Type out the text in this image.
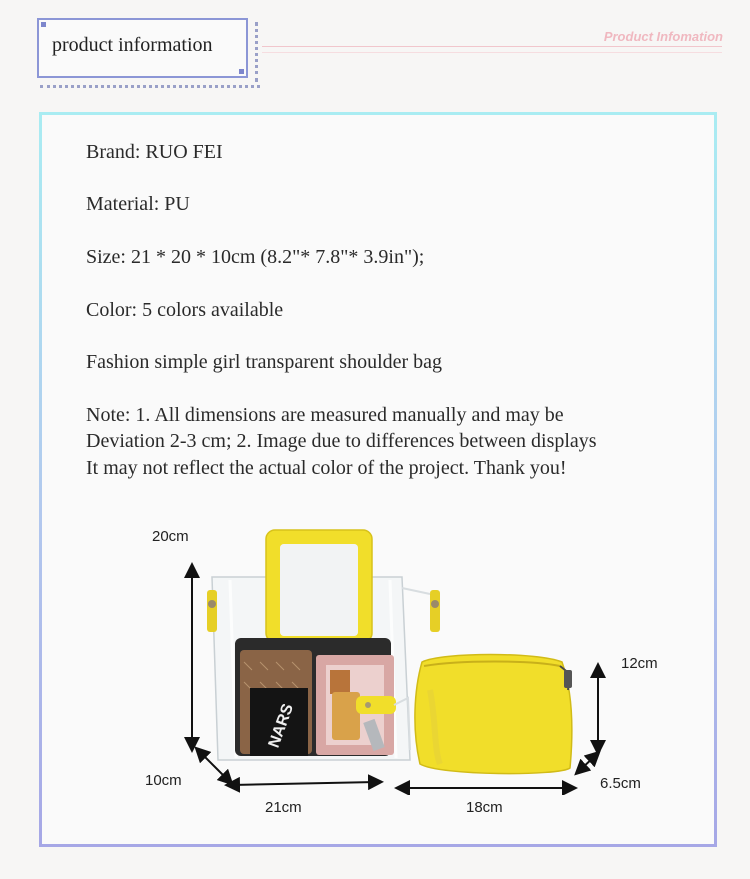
product information	Product Infomation
Brand: RUO FEI
Material: PU
Size: 21 * 20 * 10cm (8.2"* 7.8"* 3.9in");
Color: 5 colors available
Fashion simple girl transparent shoulder bag
Note: 1. All dimensions are measured manually and may be
Deviation 2-3 cm; 2. Image due to differences between displays
It may not reflect the actual color of the project. Thank you!
20cm
10cm
21cm	18cm
12cm
6.5cm
NARS
